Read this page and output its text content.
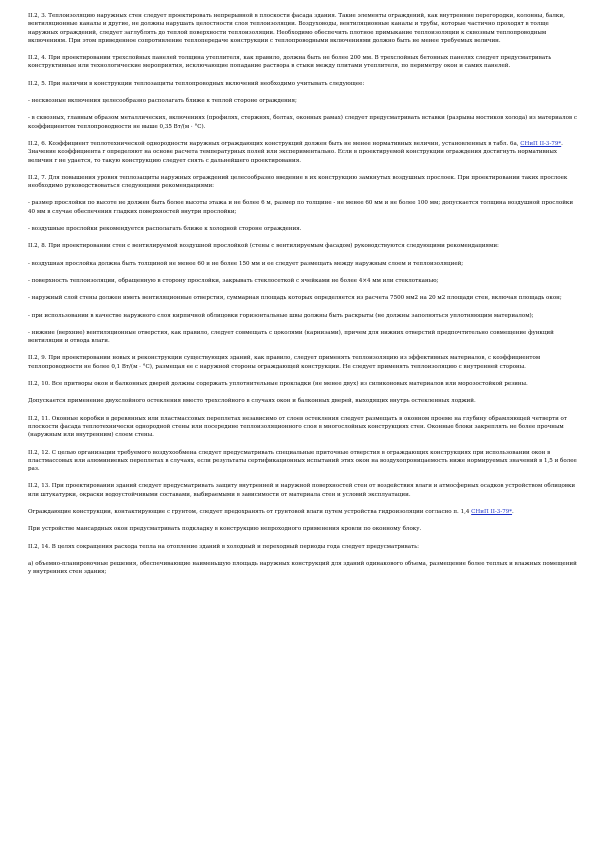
II.2, 3. Теплоизоляцию наружных стен следует проектировать непрерывной в плоскости фасада здания. Такие элементы ограждений, как внутренние перегородки, колонны, балки, вентиляционные каналы и другие, не должны нарушать целостности слоя теплоизоляции. Воздуховоды, вентиляционные каналы и трубы, которые частично проходят в толще наружных ограждений, следует заглублять до теплой поверхности теплоизоляции. Необходимо обеспечить плотное примыкание теплоизоляции к сквозным теплопроводным включениям. При этом приведенное сопротивление теплопередаче конструкции с теплопроводными включениями должно быть не менее требуемых величин.

II.2, 4. При проектировании трехслойных панелей толщина утеплителя, как правило, должна быть не более 200 мм. В трехслойных бетонных панелях следует предусматривать конструктивные или технологические мероприятия, исключающие попадание раствора в стыки между плитами утеплителя, по периметру окон и самих панелей.

II.2, 5. При наличии в конструкции теплозащиты теплопроводных включений необходимо учитывать следующее:

- несквозные включения целесообразно располагать ближе к теплой стороне ограждения;

- в сквозных, главным образом металлических, включениях (профилях, стержнях, болтах, оконных рамах) следует предусматривать вставки (разрывы мостиков холода) из материалов с коэффициентом теплопроводности не выше 0,35 Вт/(м · °С).

II.2, 6. Коэффициент теплотехнической однородности наружных ограждающих конструкций должен быть не менее нормативных величин, установленных в табл. 6а, СНиП II-3-79*. Значение коэффициента r определяют на основе расчета температурных полей или экспериментально. Если в проектируемой конструкции ограждения достигнуть нормативных величин r не удается, то такую конструкцию следует снять с дальнейшего проектирования.

II.2, 7. Для повышения уровня теплозащиты наружных ограждений целесообразно введение в их конструкцию замкнутых воздушных прослоек. При проектировании таких прослоек необходимо руководствоваться следующими рекомендациями:

- размер прослойки по высоте не должен быть более высоты этажа и не более 6 м, размер по толщине - не менее 60 мм и не более 100 мм; допускается толщина воздушной прослойки 40 мм в случае обеспечения гладких поверхностей внутри прослойки;

- воздушные прослойки рекомендуется располагать ближе к холодной стороне ограждения.

II.2, 8. При проектировании стен с вентилируемой воздушной прослойкой (стены с вентилируемым фасадом) руководствуются следующими рекомендациями:

- воздушная прослойка должна быть толщиной не менее 60 и не более 150 мм и ее следует размещать между наружным слоем и теплоизоляцией;

- поверхность теплоизоляции, обращенную в сторону прослойки, закрывать стеклосеткой с ячейками не более 4×4 мм или стеклотканью;

- наружный слой стены должен иметь вентиляционные отверстия, суммарная площадь которых определяется из расчета 7500 мм2 на 20 м2 площади стен, включая площадь окон;

- при использовании в качестве наружного слоя кирпичной облицовки горизонтальные швы должны быть раскрыты (не должны заполняться уплотняющим материалом);

- нижние (верхние) вентиляционные отверстия, как правило, следует совмещать с цоколями (карнизами), причем для нижних отверстий предпочтительно совмещение функций вентиляции и отвода влаги.

II.2, 9. При проектировании новых и реконструкции существующих зданий, как правило, следует применять теплоизоляцию из эффективных материалов, с коэффициентом теплопроводности не более 0,1 Вт/(м · °С), размещая ее с наружной стороны ограждающей конструкции. Не следует применять теплоизоляцию с внутренней стороны.

II.2, 10. Все притворы окон и балконных дверей должны содержать уплотнительные прокладки (не менее двух) из силиконовых материалов или морозостойкой резины.

Допускается применение двухслойного остекления вместо трехслойного в случаях окон и балконных дверей, выходящих внутрь остекленных лоджий.

II.2, 11. Оконные коробки в деревянных или пластмассовых переплетах независимо от слоев остекления следует размещать в оконном проеме на глубину обрамляющей четверти от плоскости фасада теплотехнически однородной стены или посередине теплоизоляционного слоя в многослойных конструкциях стен. Оконные блоки закреплять не более прочным (наружным или внутренним) слоем стены.

II.2, 12. С целью организации требуемого воздухообмена следует предусматривать специальные приточные отверстия в ограждающих конструкциях при использовании окон в пластмассовых или алюминиевых переплетах в случаях, если результаты сертификационных испытаний этих окон на воздухопроницаемость ниже нормируемых значений в 1,5 и более раз.

II.2, 13. При проектировании зданий следует предусматривать защиту внутренней и наружной поверхностей стен от воздействия влаги и атмосферных осадков устройством облицовки или штукатурки, окраски водоустойчивыми составами, выбираемыми в зависимости от материала стен и условий эксплуатации.

Ограждающие конструкции, контактирующие с грунтом, следует предохранять от грунтовой влаги путем устройства гидроизоляции согласно п. 1,4 СНиП II-3-79*.

При устройстве мансардных окон предусматривать подкладку в конструкцию непроходного применения кровли по оконному блоку.

II.2, 14. В целях сокращения расхода тепла на отопление зданий в холодный и переходный периоды года следует предусматривать:

а) объемно-планировочные решения, обеспечивающие наименьшую площадь наружных конструкций для зданий одинакового объема, размещение более теплых и влажных помещений у внутренних стен здания;
